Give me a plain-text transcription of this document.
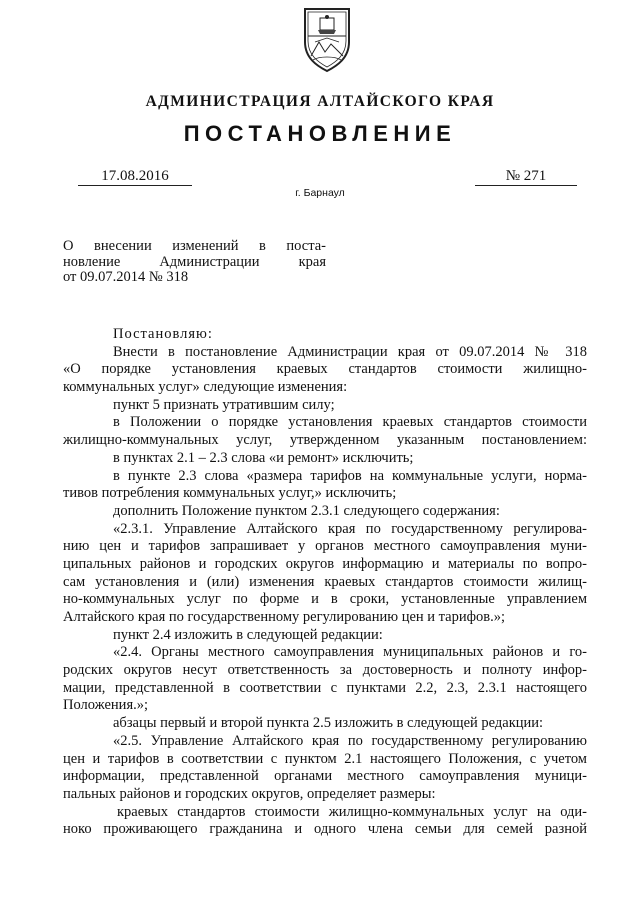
АДМИНИСТРАЦИЯ АЛТАЙСКОГО КРАЯ
ПОСТАНОВЛЕНИЕ
17.08.2016	№ 271
г. Барнаул
О внесении изменений в поста-
новление Администрации края
от 09.07.2014 № 318
Постановляю:
Внести в постановление Администрации края от 09.07.2014 № 318
«О порядке установления краевых стандартов стоимости жилищно-
коммунальных услуг» следующие изменения:
пункт 5 признать утратившим силу;
в Положении о порядке установления краевых стандартов стоимости
жилищно-коммунальных услуг, утвержденном указанным постановлением:
в пунктах 2.1 – 2.3 слова «и ремонт» исключить;
в пункте 2.3 слова «размера тарифов на коммунальные услуги, норма-
тивов потребления коммунальных услуг,» исключить;
дополнить Положение пунктом 2.3.1 следующего содержания:
«2.3.1. Управление Алтайского края по государственному регулирова-
нию цен и тарифов запрашивает у органов местного самоуправления муни-
ципальных районов и городских округов информацию и материалы по вопро-
сам установления и (или) изменения краевых стандартов стоимости жилищ-
но-коммунальных услуг по форме и в сроки, установленные управлением
Алтайского края по государственному регулированию цен и тарифов.»;
пункт 2.4 изложить в следующей редакции:
«2.4. Органы местного самоуправления муниципальных районов и го-
родских округов несут ответственность за достоверность и полноту инфор-
мации, представленной в соответствии с пунктами 2.2, 2.3, 2.3.1 настоящего
Положения.»;
абзацы первый и второй пункта 2.5 изложить в следующей редакции:
«2.5. Управление Алтайского края по государственному регулированию
цен и тарифов в соответствии с пунктом 2.1 настоящего Положения, с учетом
информации, представленной органами местного самоуправления муници-
пальных районов и городских округов, определяет размеры:
краевых стандартов стоимости жилищно-коммунальных услуг на оди-
ноко проживающего гражданина и одного члена семьи для семей разной
